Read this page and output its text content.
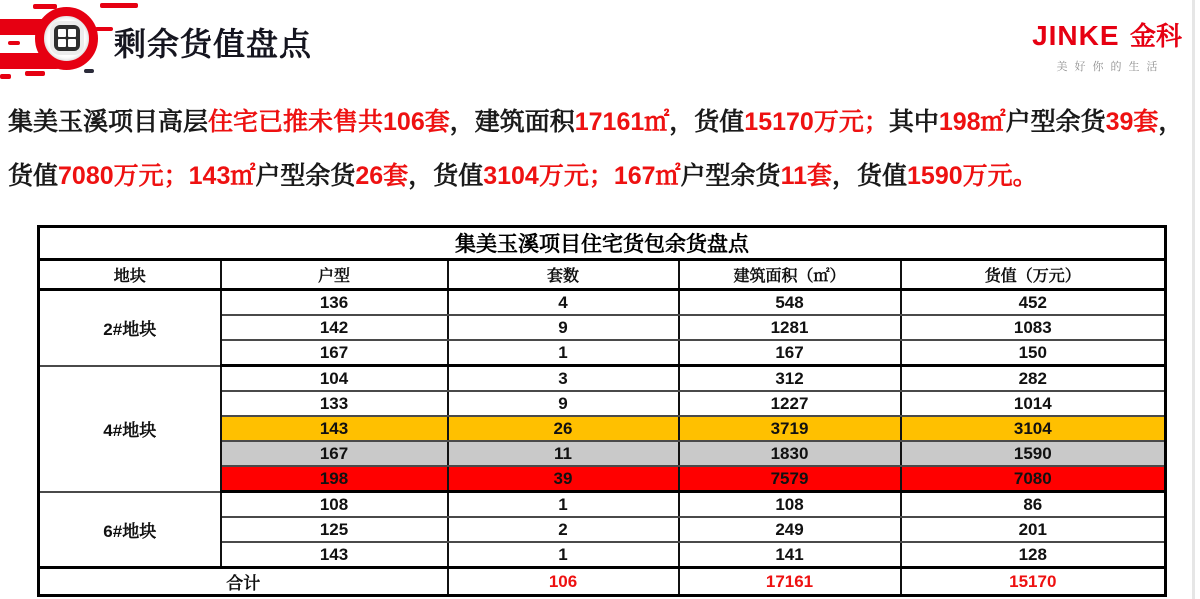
剩余货值盘点	JINKE 金科
美好你的生活

集美玉溪项目高层住宅已推未售共106套，建筑面积17161㎡，货值15170万元；其中198㎡户型余货39套，货值7080万元；143㎡户型余货26套，货值3104万元；167㎡户型余货11套，货值1590万元。

集美玉溪项目住宅货包余货盘点				
地块	户型	套数	建筑面积（㎡）	货值（万元）
2#地块	136	4	548	452
	142	9	1281	1083
	167	1	167	150
4#地块	104	3	312	282
	133	9	1227	1014
	143	26	3719	3104
	167	11	1830	1590
	198	39	7579	7080
6#地块	108	1	108	86
	125	2	249	201
	143	1	141	128
合计		106	17161	15170
